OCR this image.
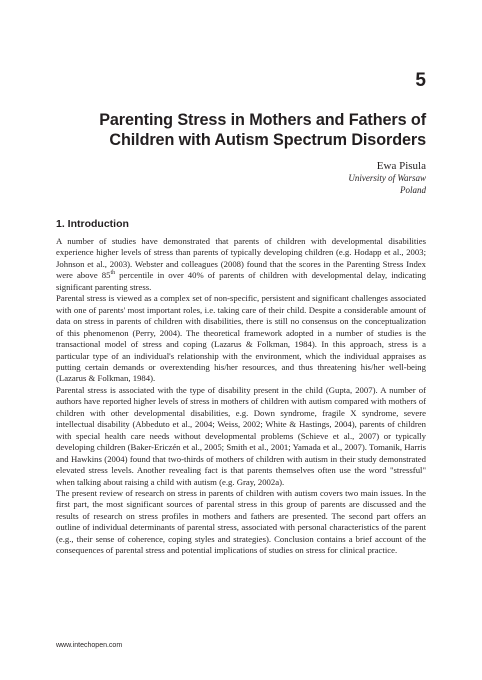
5
Parenting Stress in Mothers and Fathers of
Children with Autism Spectrum Disorders
Ewa Pisula
University of Warsaw
Poland
1. Introduction

A number of studies have demonstrated that parents of children with developmental disabilities experience higher levels of stress than parents of typically developing children (e.g. Hodapp et al., 2003; Johnson et al., 2003). Webster and colleagues (2008) found that the scores in the Parenting Stress Index were above 85th percentile in over 40% of parents of children with developmental delay, indicating significant parenting stress.

Parental stress is viewed as a complex set of non-specific, persistent and significant challenges associated with one of parents' most important roles, i.e. taking care of their child. Despite a considerable amount of data on stress in parents of children with disabilities, there is still no consensus on the conceptualization of this phenomenon (Perry, 2004). The theoretical framework adopted in a number of studies is the transactional model of stress and coping (Lazarus & Folkman, 1984). In this approach, stress is a particular type of an individual's relationship with the environment, which the individual appraises as putting certain demands or overextending his/her resources, and thus threatening his/her well-being (Lazarus & Folkman, 1984).

Parental stress is associated with the type of disability present in the child (Gupta, 2007). A number of authors have reported higher levels of stress in mothers of children with autism compared with mothers of children with other developmental disabilities, e.g. Down syndrome, fragile X syndrome, severe intellectual disability (Abbeduto et al., 2004; Weiss, 2002; White & Hastings, 2004), parents of children with special health care needs without developmental problems (Schieve et al., 2007) or typically developing children (Baker-Ericzén et al., 2005; Smith et al., 2001; Yamada et al., 2007). Tomanik, Harris and Hawkins (2004) found that two-thirds of mothers of children with autism in their study demonstrated elevated stress levels. Another revealing fact is that parents themselves often use the word "stressful" when talking about raising a child with autism (e.g. Gray, 2002a).

The present review of research on stress in parents of children with autism covers two main issues. In the first part, the most significant sources of parental stress in this group of parents are discussed and the results of research on stress profiles in mothers and fathers are presented. The second part offers an outline of individual determinants of parental stress, associated with personal characteristics of the parent (e.g., their sense of coherence, coping styles and strategies). Conclusion contains a brief account of the consequences of parental stress and potential implications of studies on stress for clinical practice.

www.intechopen.com
